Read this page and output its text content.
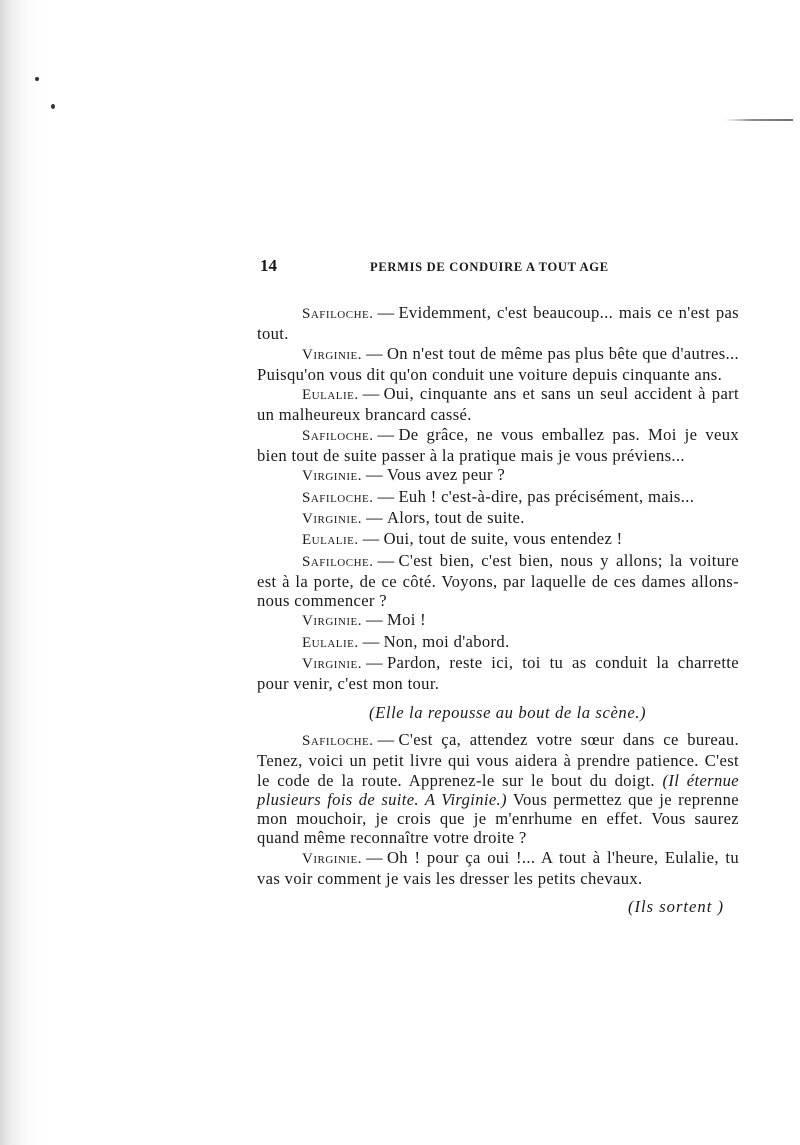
14	PERMIS DE CONDUIRE A TOUT AGE

Safiloche. — Evidemment, c'est beaucoup... mais ce n'est pas tout.

Virginie. — On n'est tout de même pas plus bête que d'autres... Puisqu'on vous dit qu'on conduit une voiture depuis cinquante ans.

Eulalie. — Oui, cinquante ans et sans un seul accident à part un malheureux brancard cassé.

Safiloche. — De grâce, ne vous emballez pas. Moi je veux bien tout de suite passer à la pratique mais je vous préviens...

Virginie. — Vous avez peur ?

Safiloche. — Euh ! c'est-à-dire, pas précisément, mais...

Virginie. — Alors, tout de suite.

Eulalie. — Oui, tout de suite, vous entendez !

Safiloche. — C'est bien, c'est bien, nous y allons; la voiture est à la porte, de ce côté. Voyons, par laquelle de ces dames allons-nous commencer ?

Virginie. — Moi !

Eulalie. — Non, moi d'abord.

Virginie. — Pardon, reste ici, toi tu as conduit la charrette pour venir, c'est mon tour.

(Elle la repousse au bout de la scène.)

Safiloche. — C'est ça, attendez votre sœur dans ce bureau. Tenez, voici un petit livre qui vous aidera à prendre patience. C'est le code de la route. Apprenez-le sur le bout du doigt. (Il éternue plusieurs fois de suite. A Virginie.) Vous permettez que je reprenne mon mouchoir, je crois que je m'enrhume en effet. Vous saurez quand même reconnaître votre droite ?

Virginie. — Oh ! pour ça oui !... A tout à l'heure, Eulalie, tu vas voir comment je vais les dresser les petits chevaux.

(Ils sortent )
